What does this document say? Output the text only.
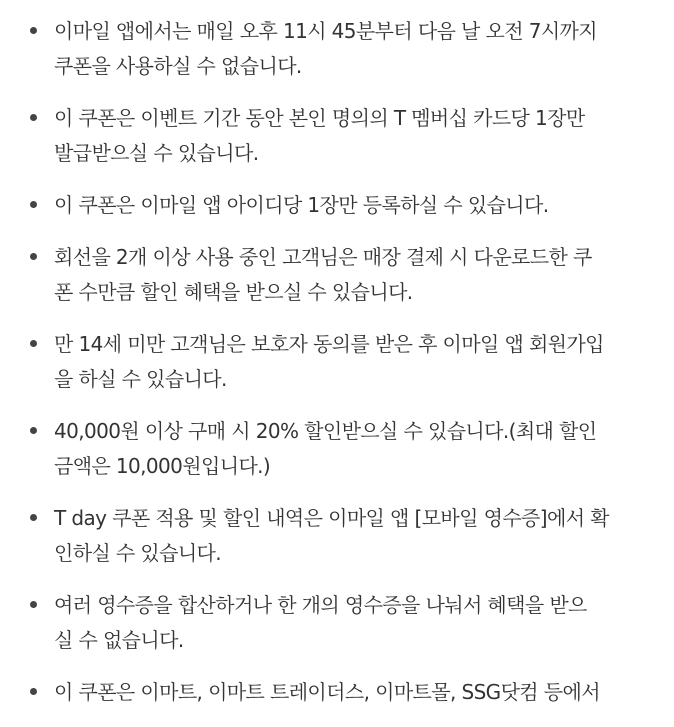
이마일 앱에서는 매일 오후 11시 45분부터 다음 날 오전 7시까지
쿠폰을 사용하실 수 없습니다.
이 쿠폰은 이벤트 기간 동안 본인 명의의 T 멤버십 카드당 1장만
발급받으실 수 있습니다.
이 쿠폰은 이마일 앱 아이디당 1장만 등록하실 수 있습니다.
회선을 2개 이상 사용 중인 고객님은 매장 결제 시 다운로드한 쿠
폰 수만큼 할인 혜택을 받으실 수 있습니다.
만 14세 미만 고객님은 보호자 동의를 받은 후 이마일 앱 회원가입
을 하실 수 있습니다.
40,000원 이상 구매 시 20% 할인받으실 수 있습니다.(최대 할인
금액은 10,000원입니다.)
T day 쿠폰 적용 및 할인 내역은 이마일 앱 [모바일 영수증]에서 확
인하실 수 있습니다.
여러 영수증을 합산하거나 한 개의 영수증을 나눠서 혜택을 받으
실 수 없습니다.
이 쿠폰은 이마트, 이마트 트레이더스, 이마트몰, SSG닷컴 등에서
